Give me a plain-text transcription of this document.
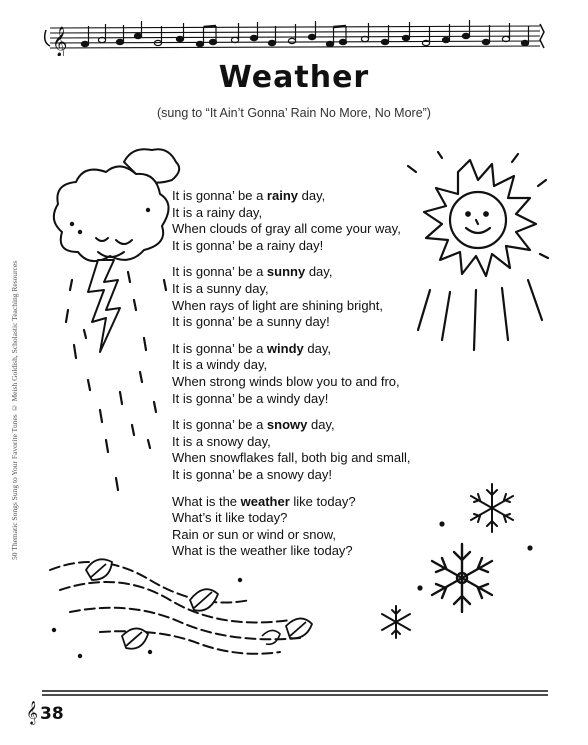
𝄞
Weather
(sung to “It Ain’t Gonna’ Rain No More, No More”)
50 Thematic Songs Sung to Your Favorite Tunes © Meish Goldish, Scholastic Teaching Resources
It is gonna’ be a rainy day,
It is a rainy day,
When clouds of gray all come your way,
It is gonna’ be a rainy day!
It is gonna’ be a sunny day,
It is a sunny day,
When rays of light are shining bright,
It is gonna’ be a sunny day!
It is gonna’ be a windy day,
It is a windy day,
When strong winds blow you to and fro,
It is gonna’ be a windy day!
It is gonna’ be a snowy day,
It is a snowy day,
When snowflakes fall, both big and small,
It is gonna’ be a snowy day!
What is the weather like today?
What’s it like today?
Rain or sun or wind or snow,
What is the weather like today?
𝄞 38
